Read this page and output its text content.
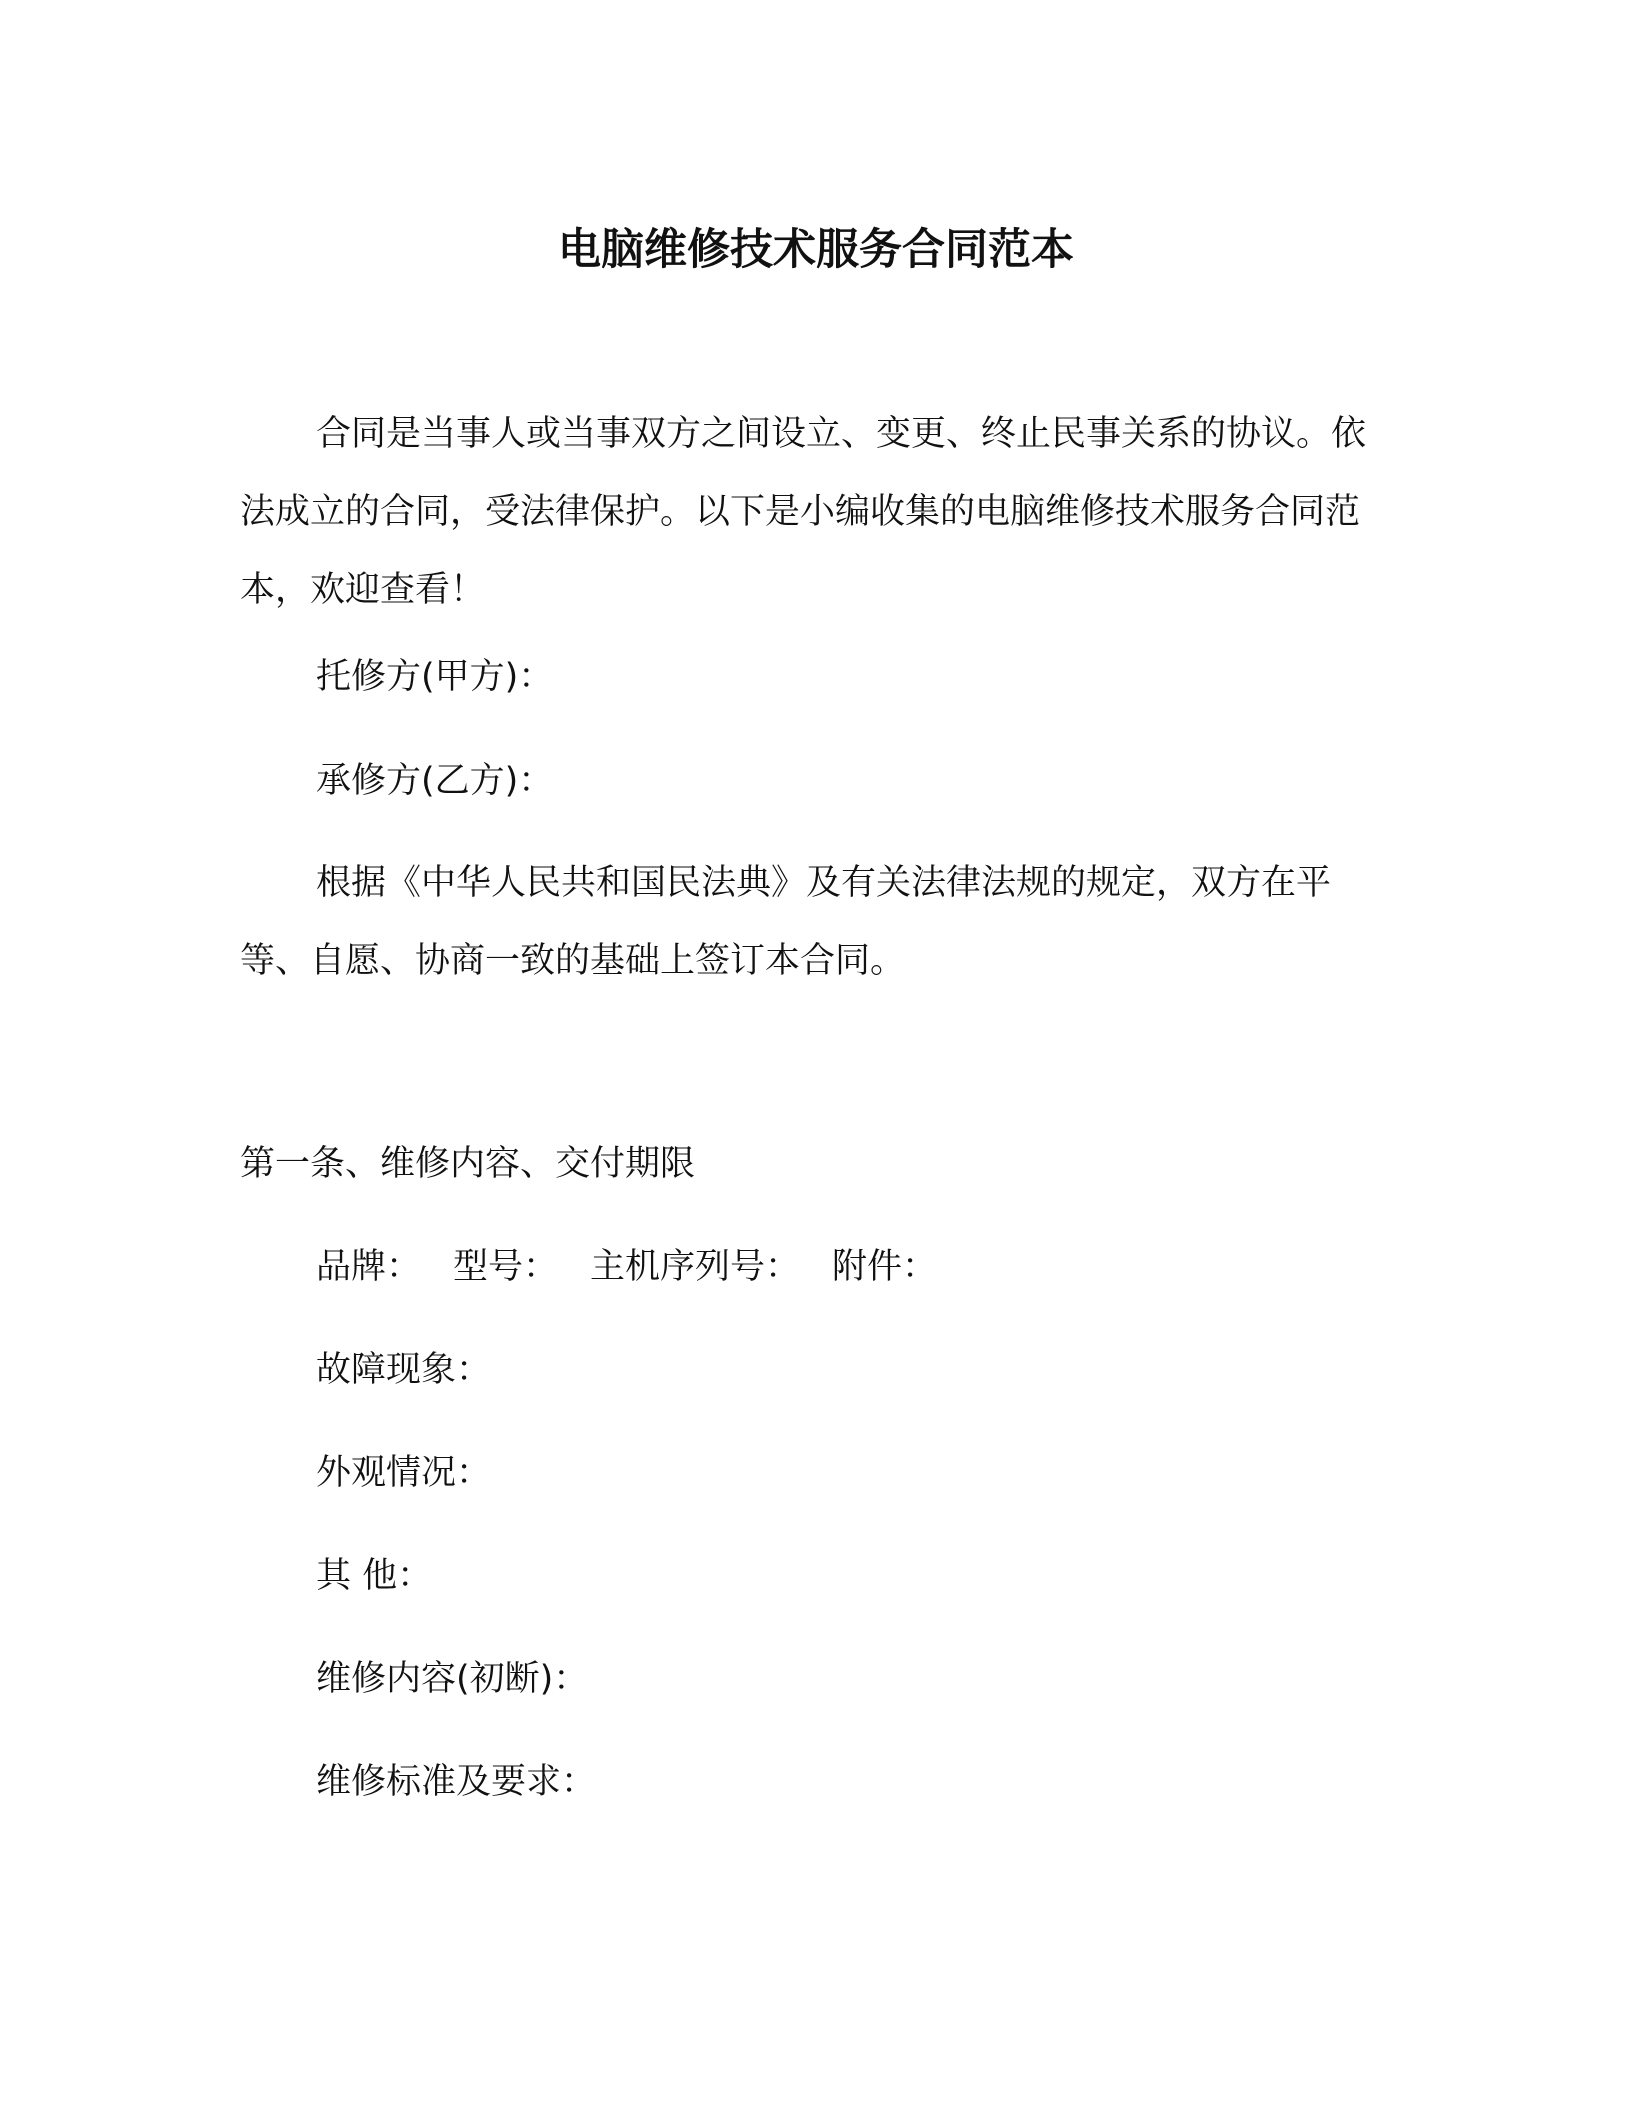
电脑维修技术服务合同范本

合同是当事人或当事双方之间设立、变更、终止民事关系的协议。依法成立的合同，受法律保护。以下是小编收集的电脑维修技术服务合同范本，欢迎查看！

托修方(甲方)：
承修方(乙方)：

根据《中华人民共和国民法典》及有关法律法规的规定，双方在平等、自愿、协商一致的基础上签订本合同。

第一条、维修内容、交付期限
品牌： 型号： 主机序列号： 附件：
故障现象：
外观情况：
其 他：
维修内容(初断)：
维修标准及要求：
